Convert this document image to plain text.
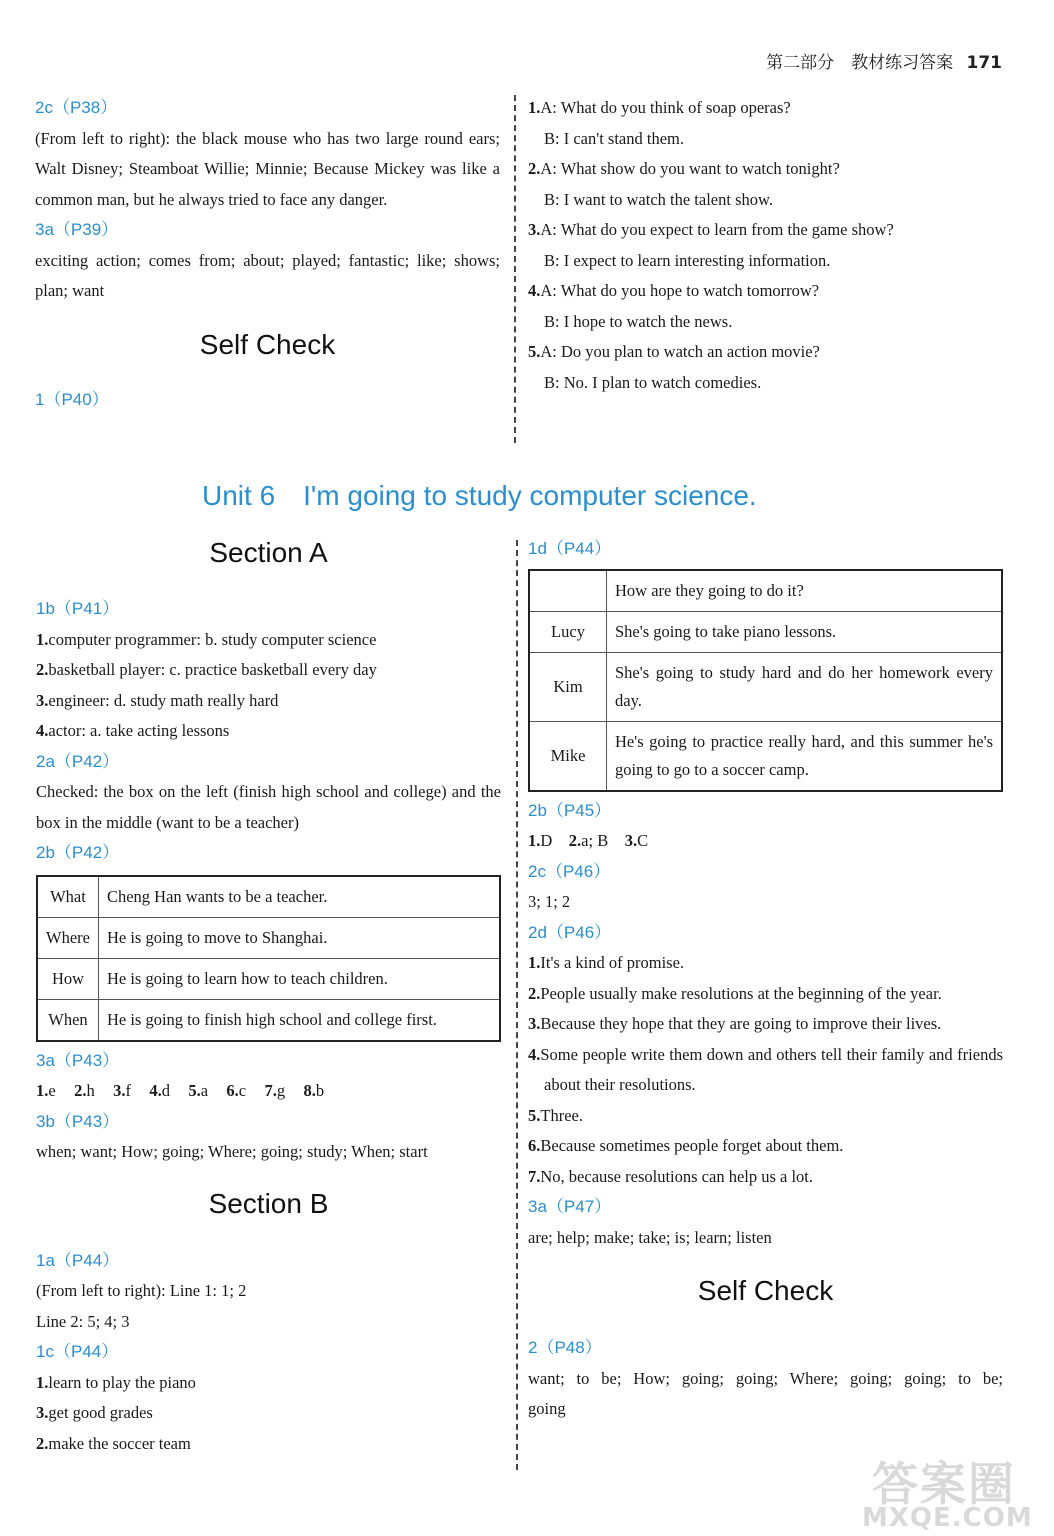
第二部分　教材练习答案 171
2c（P38）
(From left to right): the black mouse who has two large round ears; Walt Disney; Steamboat Willie; Minnie; Because Mickey was like a common man, but he always tried to face any danger.
3a（P39）
exciting action; comes from; about; played; fantastic; like; shows; plan; want
Self Check
1（P40）
1.A: What do you think of soap operas?
B: I can't stand them.
2.A: What show do you want to watch tonight?
B: I want to watch the talent show.
3.A: What do you expect to learn from the game show?
B: I expect to learn interesting information.
4.A: What do you hope to watch tomorrow?
B: I hope to watch the news.
5.A: Do you plan to watch an action movie?
B: No. I plan to watch comedies.
Unit 6　I'm going to study computer science.
Section A
1b（P41）
1.computer programmer: b. study computer science
2.basketball player: c. practice basketball every day
3.engineer: d. study math really hard
4.actor: a. take acting lessons
2a（P42）
Checked: the box on the left (finish high school and college) and the box in the middle (want to be a teacher)
2b（P42）
What	Cheng Han wants to be a teacher.
Where	He is going to move to Shanghai.
How	He is going to learn how to teach children.
When	He is going to finish high school and college first.
3a（P43）
1.e 2.h 3.f 4.d 5.a 6.c 7.g 8.b
3b（P43）
when; want; How; going; Where; going; study; When; start
Section B
1a（P44）
(From left to right): Line 1: 1; 2
Line 2: 5; 4; 3
1c（P44）
1.learn to play the piano
3.get good grades
2.make the soccer team
1d（P44）
	How are they going to do it?
Lucy	She's going to take piano lessons.
Kim	She's going to study hard and do her homework every day.
Mike	He's going to practice really hard, and this summer he's going to go to a soccer camp.
2b（P45）
1.D 2.a; B 3.C
2c（P46）
3; 1; 2
2d（P46）
1.It's a kind of promise.
2.People usually make resolutions at the beginning of the year.
3.Because they hope that they are going to improve their lives.
4.Some people write them down and others tell their family and friends about their resolutions.
5.Three.
6.Because sometimes people forget about them.
7.No, because resolutions can help us a lot.
3a（P47）
are; help; make; take; is; learn; listen
Self Check
2（P48）
want; to be; How; going; going; Where; going; going; to be; going
答案圈
MXQE.COM
